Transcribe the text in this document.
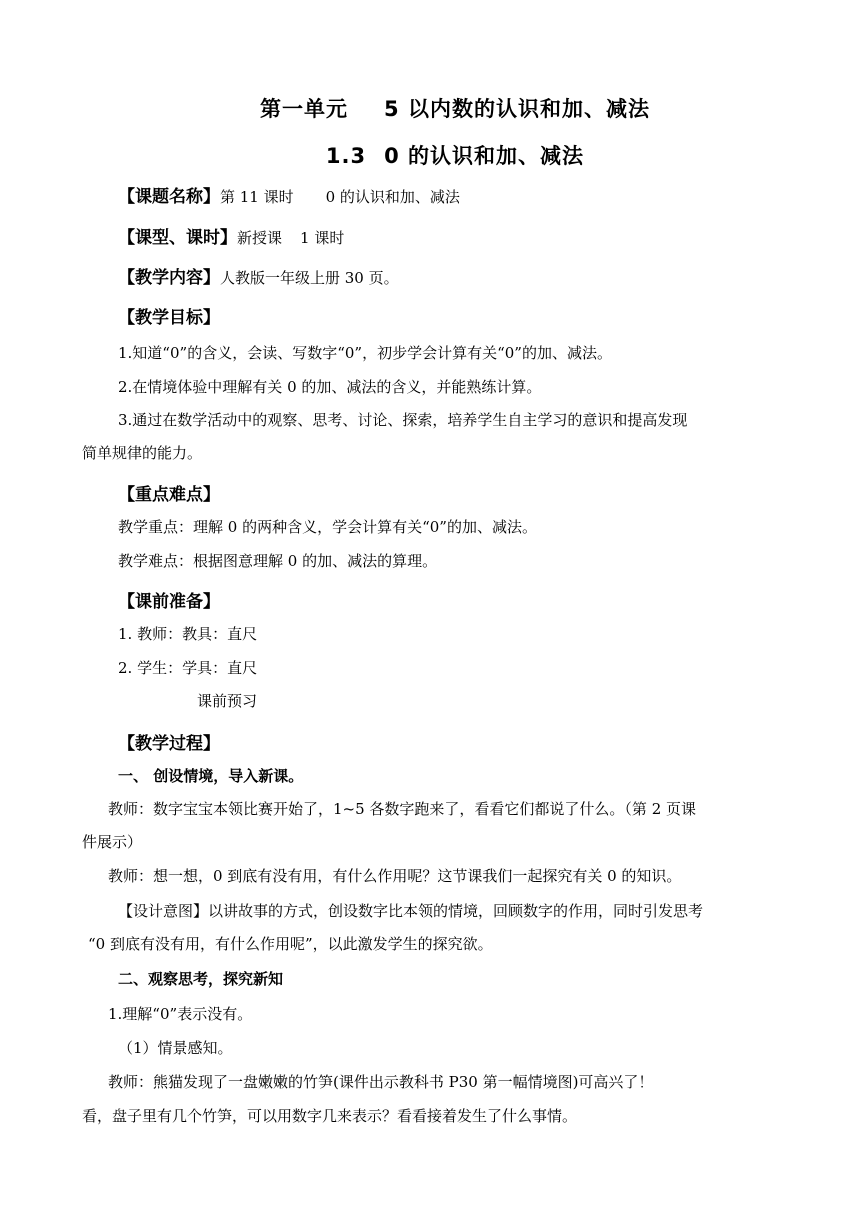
第一单元 5 以内数的认识和加、减法
1.3 0 的认识和加、减法
【课题名称】第 11 课时 0 的认识和加、减法
【课型、课时】新授课 1 课时
【教学内容】人教版一年级上册 30 页。
【教学目标】
1.知道“0”的含义，会读、写数字“0”，初步学会计算有关“0”的加、减法。
2.在情境体验中理解有关 0 的加、减法的含义，并能熟练计算。
3.通过在数学活动中的观察、思考、讨论、探索，培养学生自主学习的意识和提高发现
简单规律的能力。
【重点难点】
教学重点：理解 0 的两种含义，学会计算有关“0”的加、减法。
教学难点：根据图意理解 0 的加、减法的算理。
【课前准备】
1. 教师：教具：直尺
2. 学生：学具：直尺
课前预习
【教学过程】
一、 创设情境，导入新课。
教师：数字宝宝本领比赛开始了，1~5 各数字跑来了，看看它们都说了什么。（第 2 页课
件展示）
教师：想一想，0 到底有没有用，有什么作用呢？这节课我们一起探究有关 0 的知识。
【设计意图】以讲故事的方式，创设数字比本领的情境，回顾数字的作用，同时引发思考
“0 到底有没有用，有什么作用呢”，以此激发学生的探究欲。
二、观察思考，探究新知
1.理解“0”表示没有。
（1）情景感知。
教师：熊猫发现了一盘嫩嫩的竹笋(课件出示教科书 P30 第一幅情境图)可高兴了！
看，盘子里有几个竹笋，可以用数字几来表示？看看接着发生了什么事情。
